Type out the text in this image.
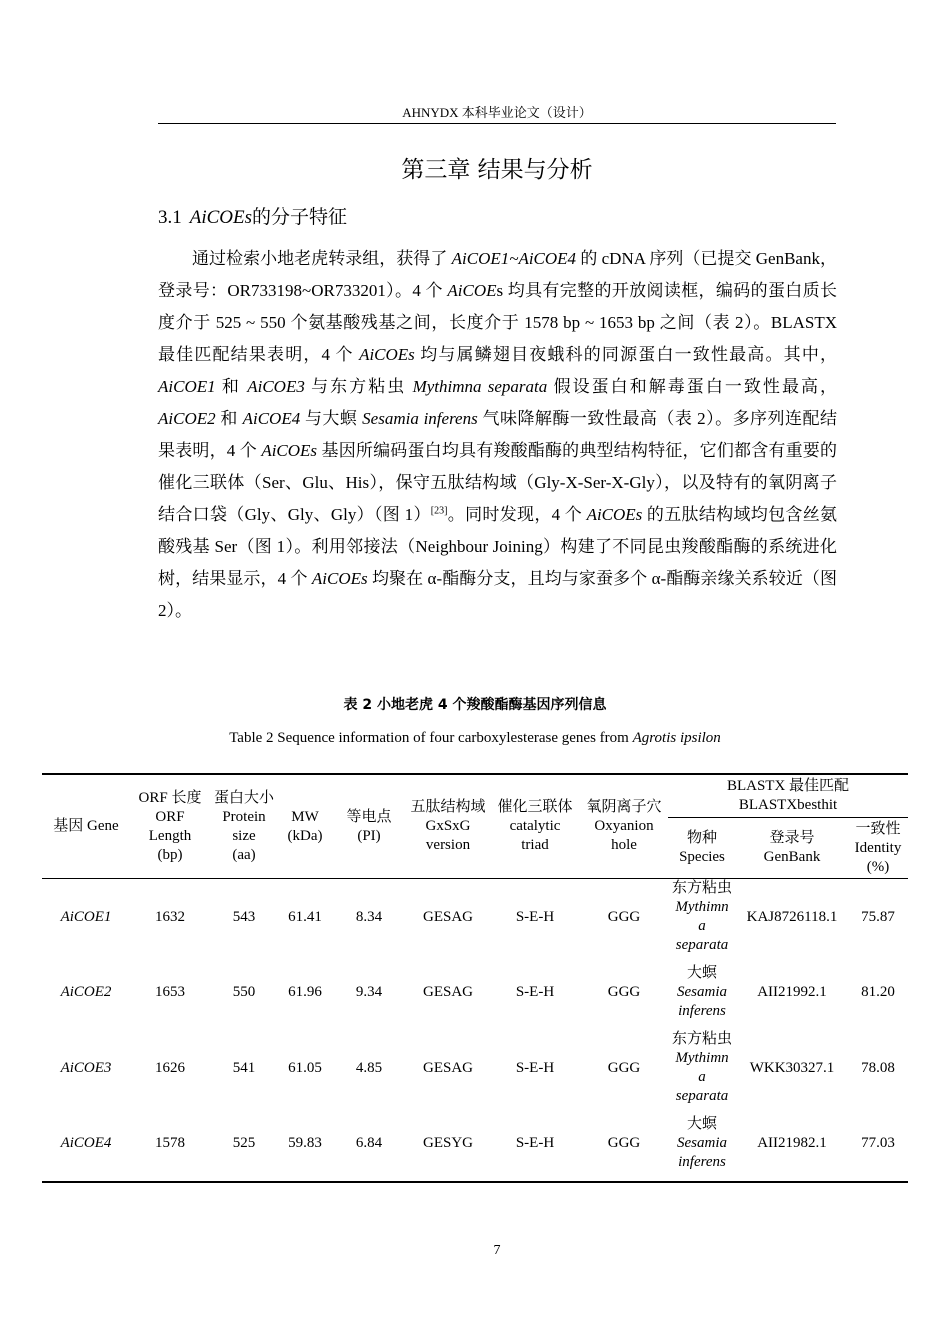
AHNYDX 本科毕业论文（设计）
第三章 结果与分析
3.1 AiCOEs的分子特征

通过检索小地老虎转录组，获得了 AiCOE1~AiCOE4 的 cDNA 序列（已提交 GenBank，登录号：OR733198~OR733201）。4 个 AiCOEs 均具有完整的开放阅读框，编码的蛋白质长度介于 525 ~ 550 个氨基酸残基之间，长度介于 1578 bp ~ 1653 bp 之间（表 2）。BLASTX 最佳匹配结果表明，4 个 AiCOEs 均与属鳞翅目夜蛾科的同源蛋白一致性最高。其中，AiCOE1 和 AiCOE3 与东方粘虫 Mythimna separata 假设蛋白和解毒蛋白一致性最高，AiCOE2 和 AiCOE4 与大螟 Sesamia inferens 气味降解酶一致性最高（表 2）。多序列连配结果表明，4 个 AiCOEs 基因所编码蛋白均具有羧酸酯酶的典型结构特征，它们都含有重要的催化三联体（Ser、Glu、His），保守五肽结构域（Gly-X-Ser-X-Gly），以及特有的氧阴离子结合口袋（Gly、Gly、Gly）（图 1）[23]。同时发现，4 个 AiCOEs 的五肽结构域均包含丝氨酸残基 Ser（图 1）。利用邻接法（Neighbour Joining）构建了不同昆虫羧酸酯酶的系统进化树，结果显示，4 个 AiCOEs 均聚在 α-酯酶分支，且均与家蚕多个 α-酯酶亲缘关系较近（图 2）。

表 2 小地老虎 4 个羧酸酯酶基因序列信息
Table 2 Sequence information of four carboxylesterase genes from Agrotis ipsilon
基因 Gene	ORF 长度
ORF
Length
(bp)	蛋白大小
Protein
size
(aa)	MW
(kDa)	等电点
(PI)	五肽结构域
GxSxG
version	催化三联体
catalytic
triad	氧阴离子穴
Oxyanion
hole	BLASTX 最佳匹配
BLASTXbesthit		

								物种
Species	登录号
GenBank	一致性
Identity
(%)

AiCOE1	1632	543	61.41	8.34	GESAG	S-E-H	GGG	东方粘虫
Mythimn
a
separata	KAJ8726118.1	75.87
AiCOE2	1653	550	61.96	9.34	GESAG	S-E-H	GGG	大螟
Sesamia
inferens	AII21992.1	81.20
AiCOE3	1626	541	61.05	4.85	GESAG	S-E-H	GGG	东方粘虫
Mythimn
a
separata	WKK30327.1	78.08
AiCOE4	1578	525	59.83	6.84	GESYG	S-E-H	GGG	大螟
Sesamia
inferens	AII21982.1	77.03
7
